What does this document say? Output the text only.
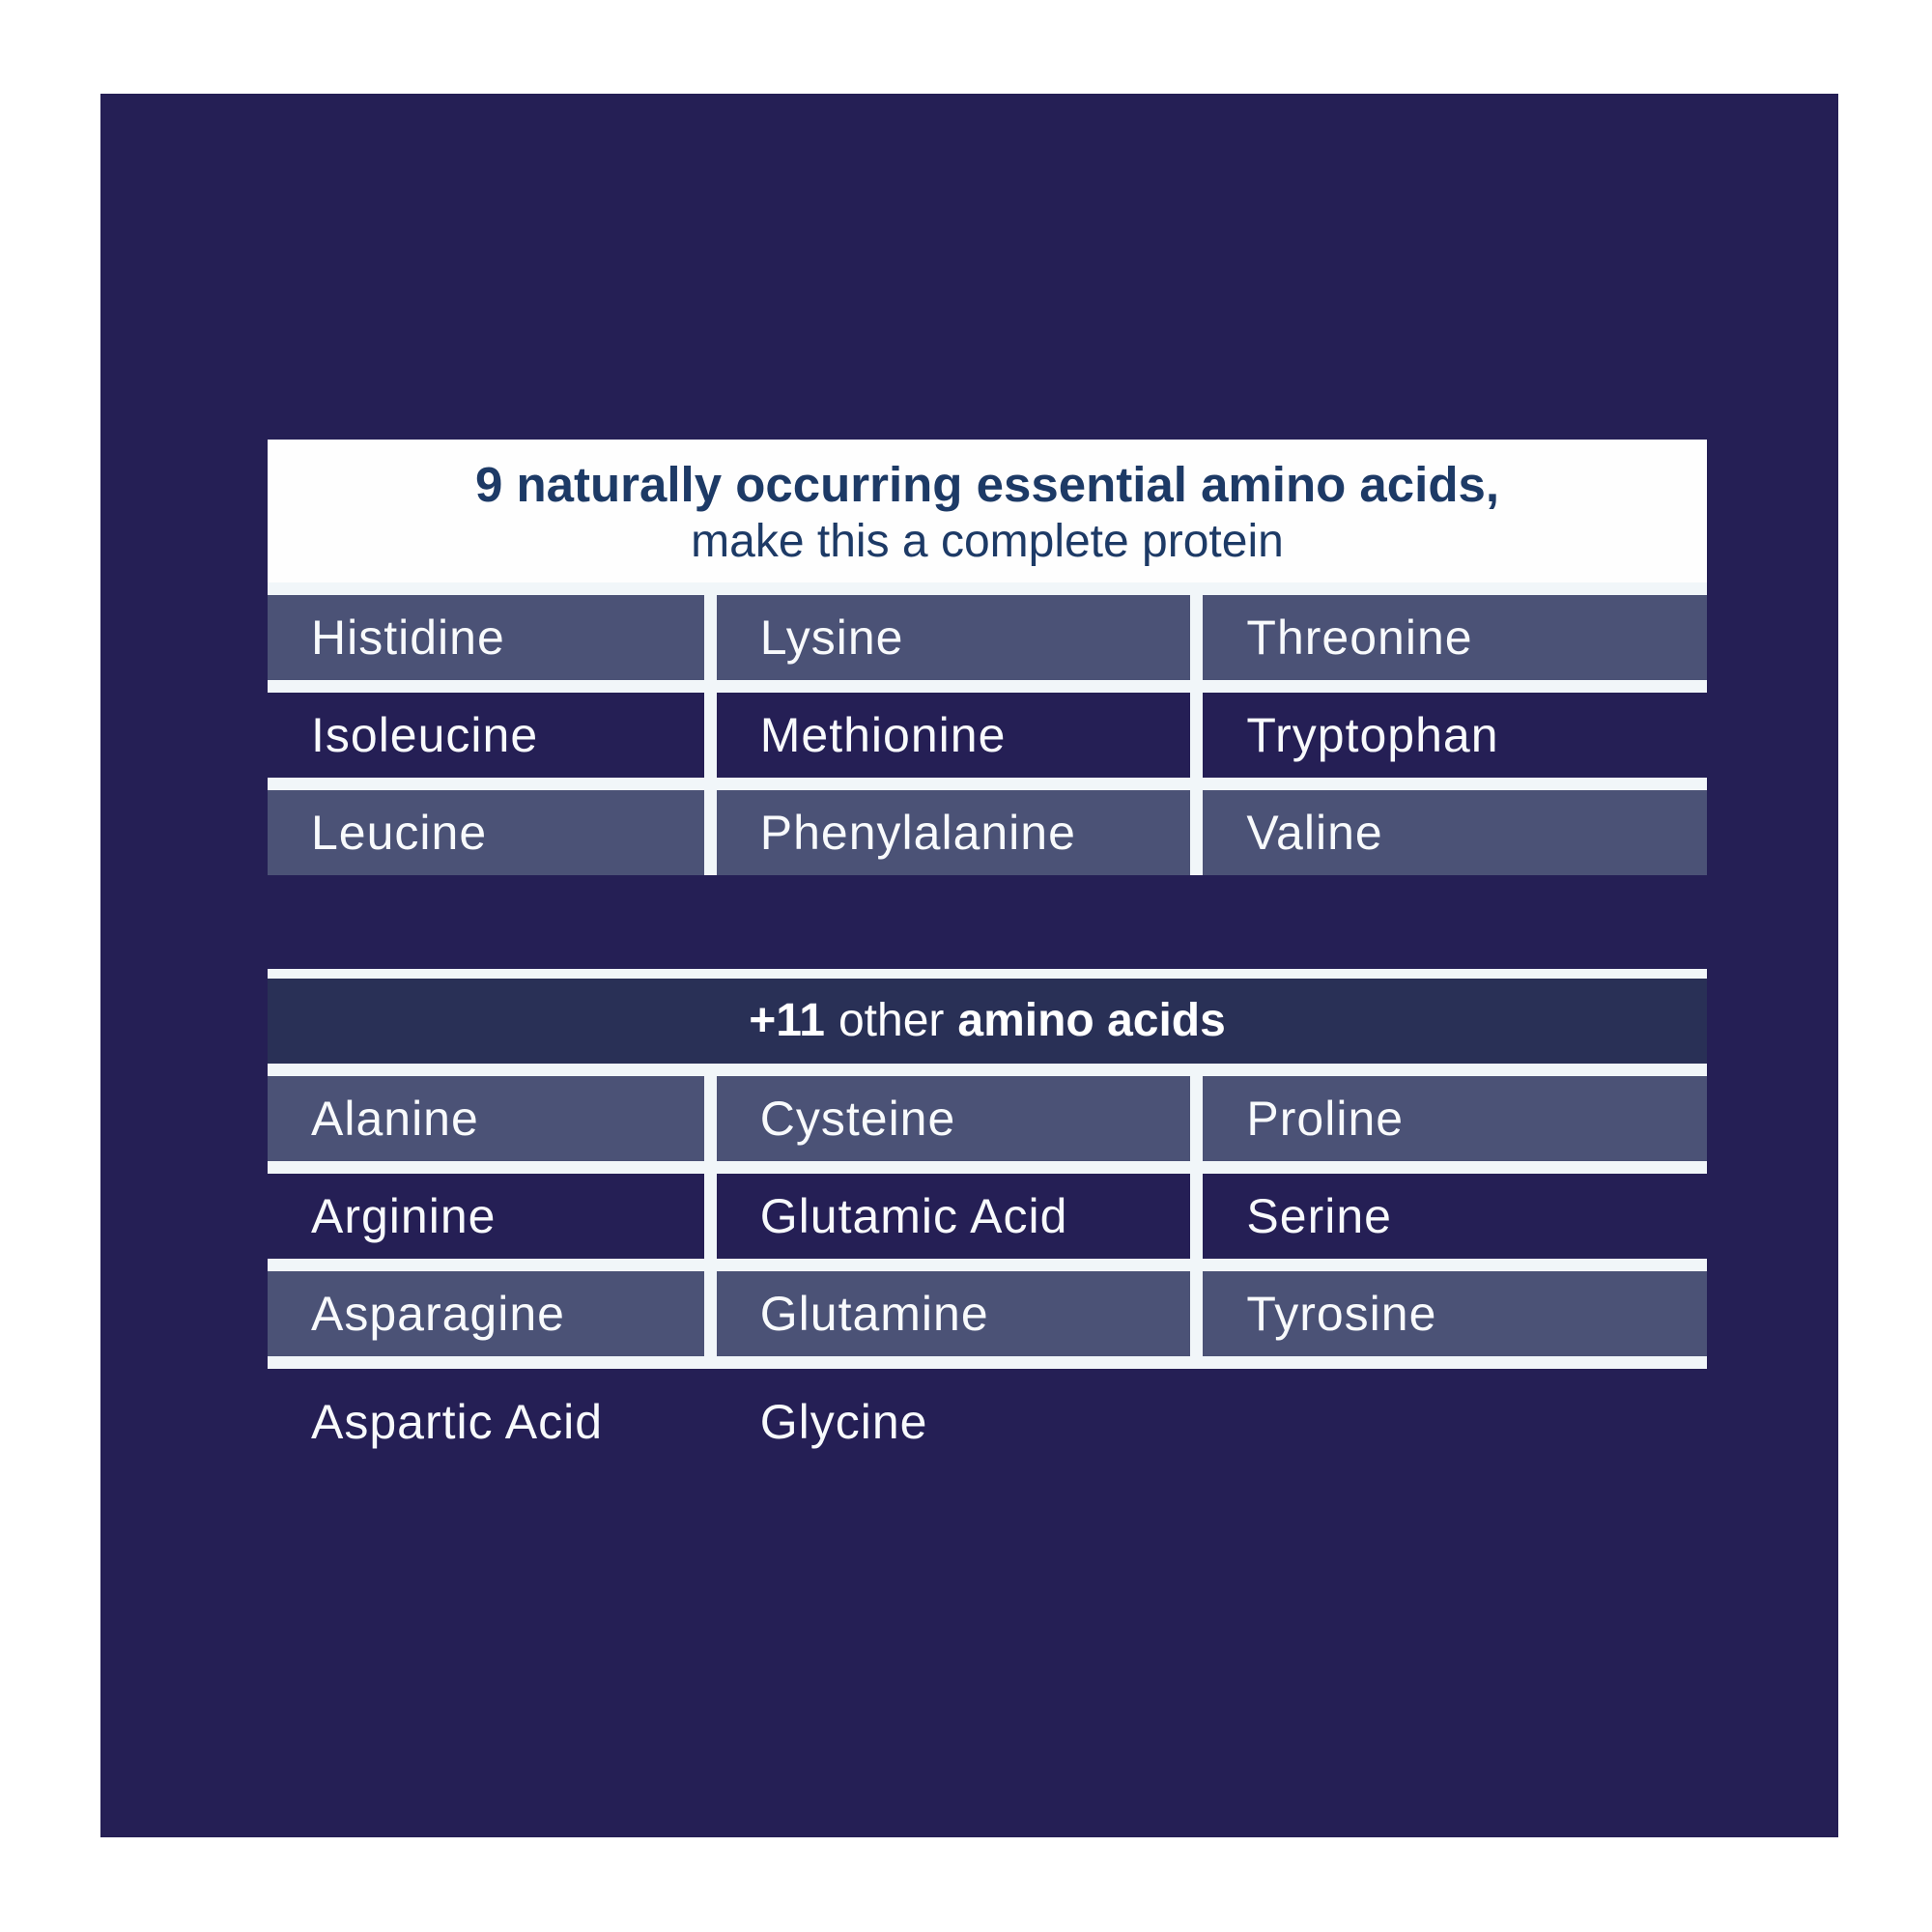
9 naturally occurring essential amino acids,
make this a complete protein
Histidine	Lysine	Threonine
Isoleucine	Methionine	Tryptophan
Leucine	Phenylalanine	Valine
+11 other amino acids
Alanine	Cysteine	Proline
Arginine	Glutamic Acid	Serine
Asparagine	Glutamine	Tyrosine
Aspartic Acid	Glycine
